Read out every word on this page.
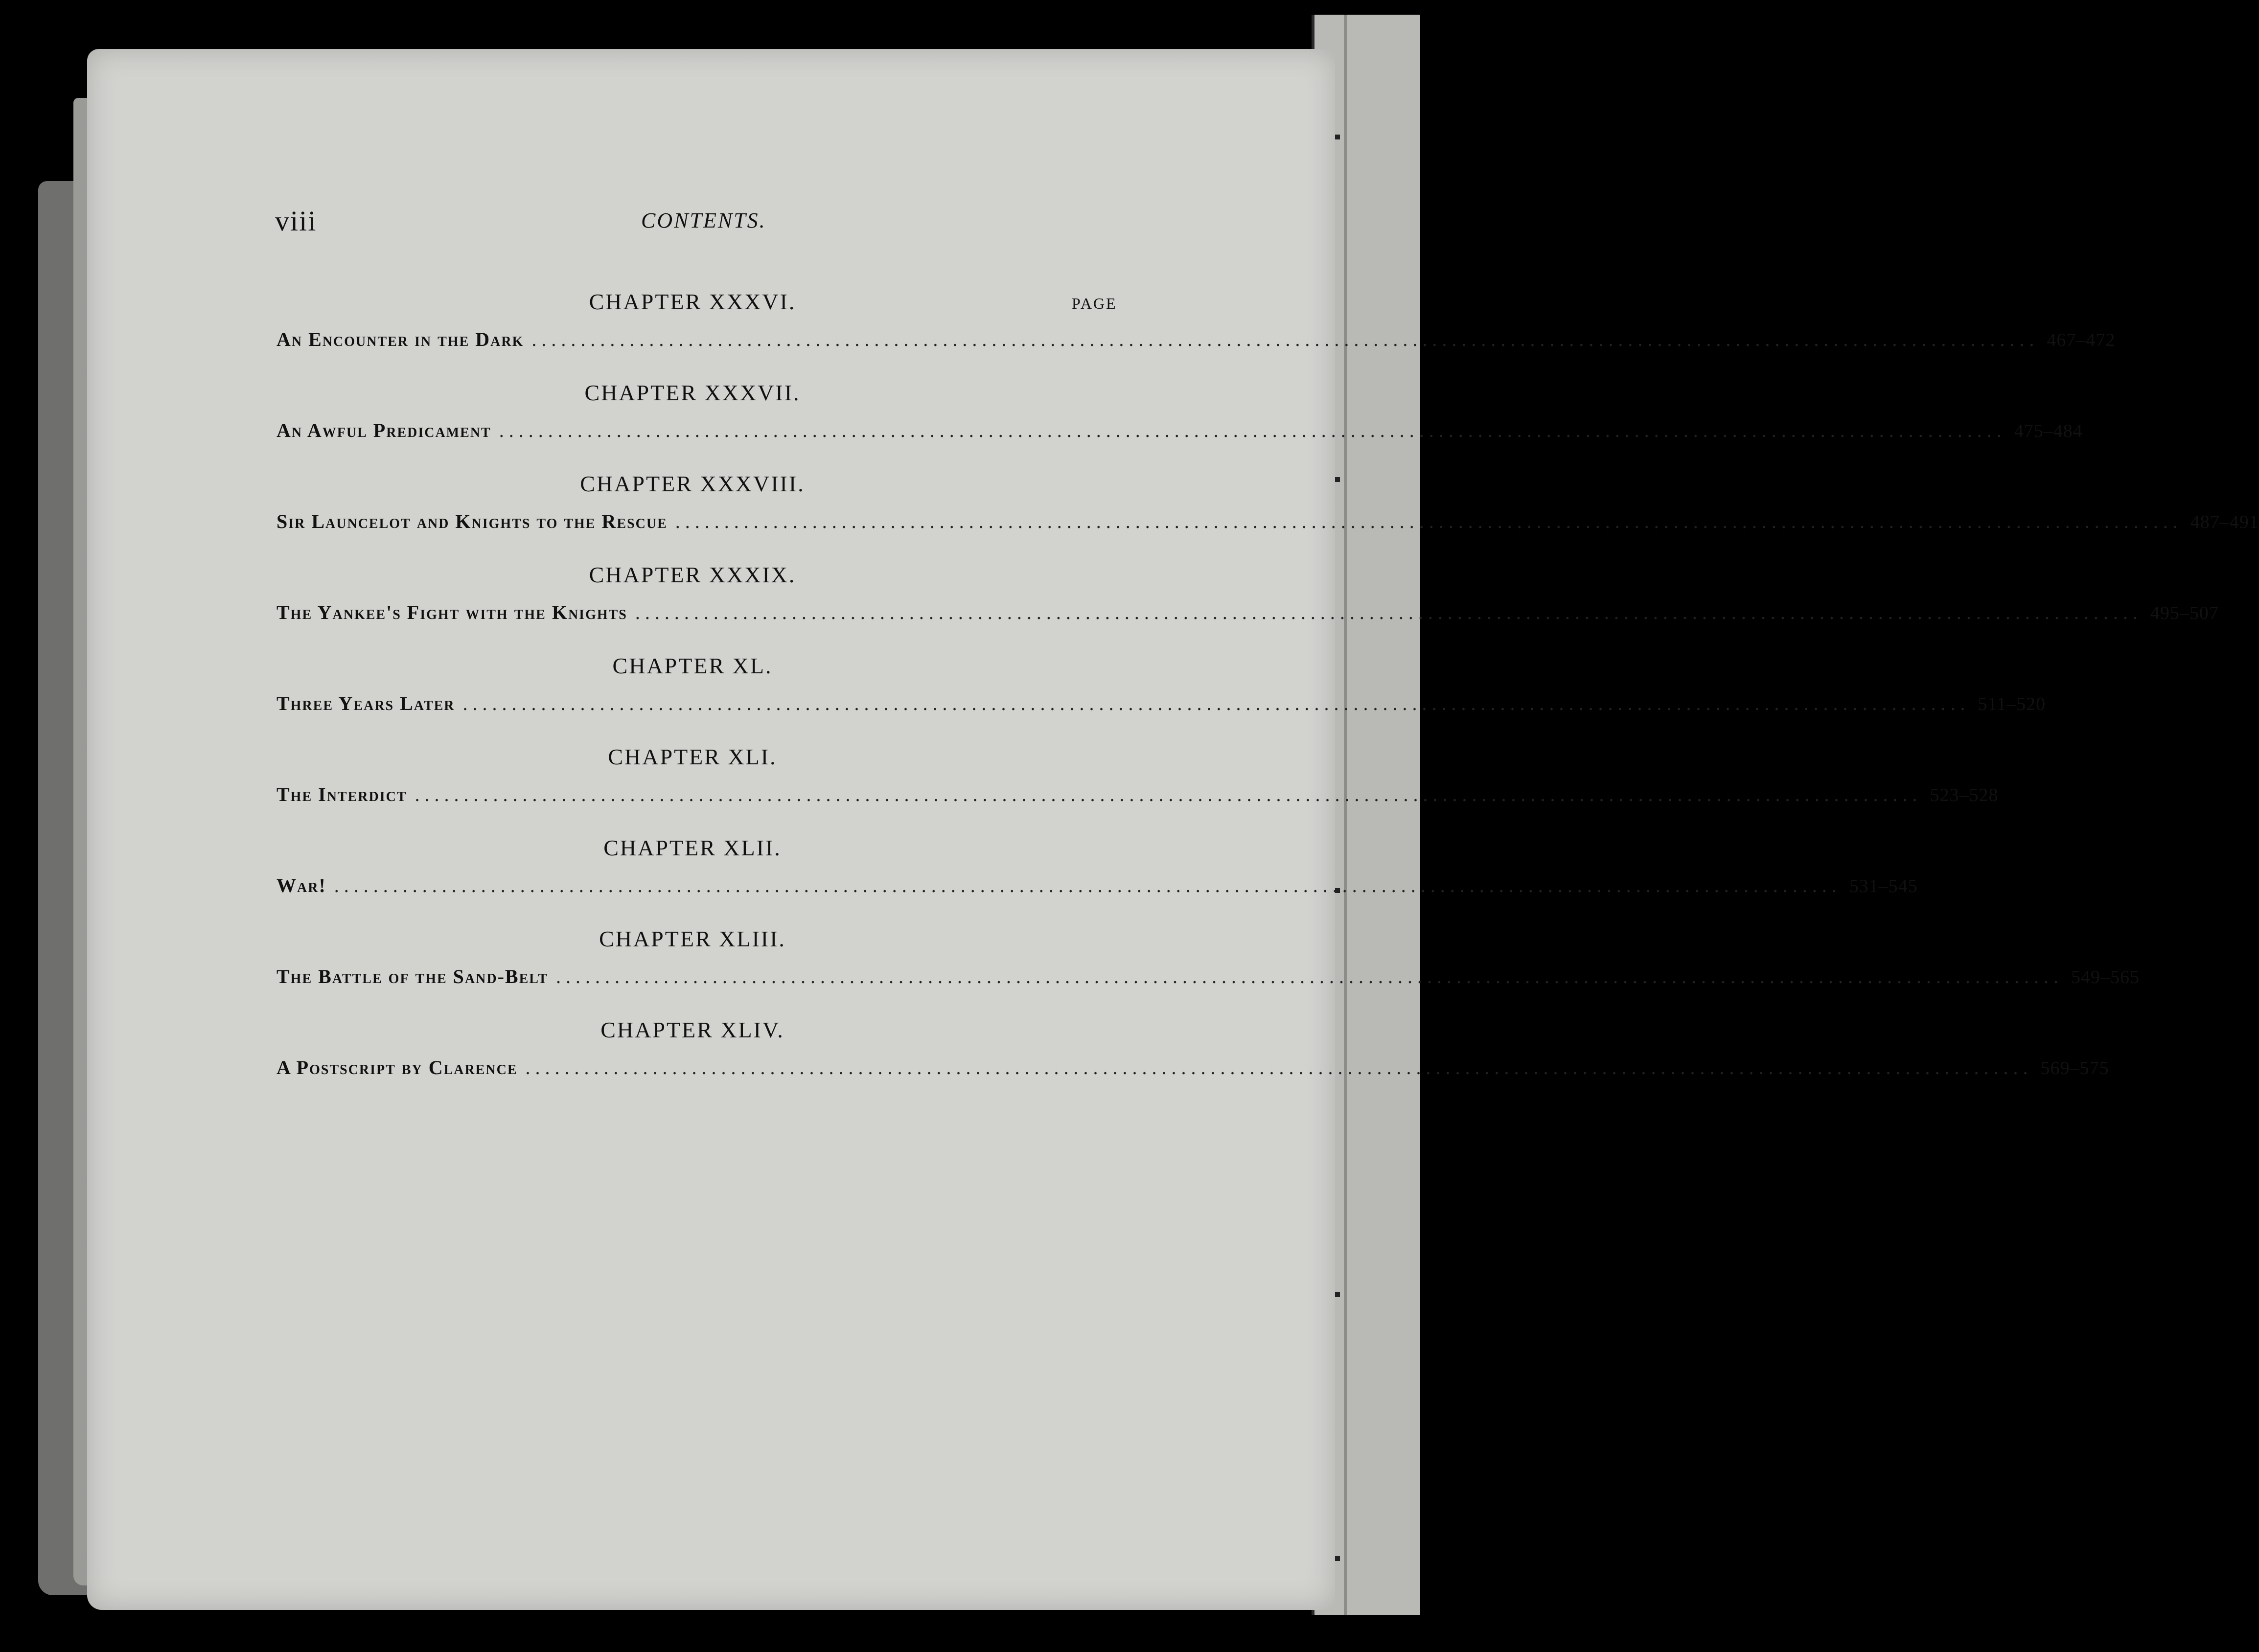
viii	CONTENTS.
PAGE
CHAPTER XXXVI.
An Encounter in the Dark .......................................................................................................................................................... 467–472
CHAPTER XXXVII.
An Awful Predicament .......................................................................................................................................................... 475–484
CHAPTER XXXVIII.
Sir Launcelot and Knights to the Rescue .......................................................................................................................................................... 487–491
CHAPTER XXXIX.
The Yankee's Fight with the Knights .......................................................................................................................................................... 495–507
CHAPTER XL.
Three Years Later .......................................................................................................................................................... 511–520
CHAPTER XLI.
The Interdict .......................................................................................................................................................... 523–528
CHAPTER XLII.
War! .......................................................................................................................................................... 531–545
CHAPTER XLIII.
The Battle of the Sand-Belt .......................................................................................................................................................... 549–565
CHAPTER XLIV.
A Postscript by Clarence .......................................................................................................................................................... 569–575
